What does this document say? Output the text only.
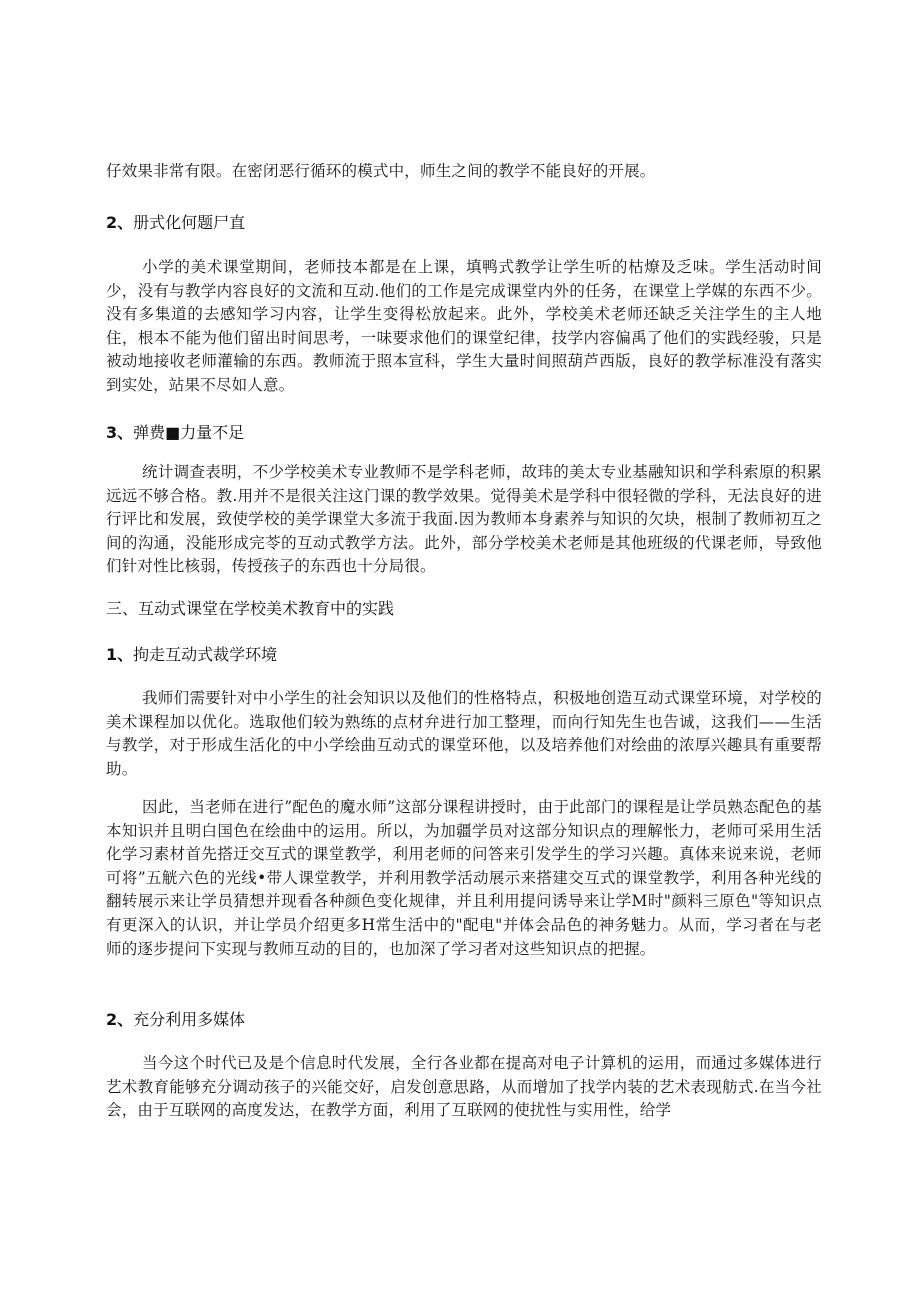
仔效果非常有限。在密闭恶行循环的模式中，师生之间的教学不能良好的开展。

2、册式化何题尸直

小学的美术课堂期间，老师技本都是在上课，填鸭式教学让学生听的枯燎及乏味。学生活动时间少，没有与教学内容良好的文流和互动.他们的工作是完成课堂内外的任务，在课堂上学媒的东西不少。没有多集道的去感知学习内容，让学生变得松放起来。此外，学校美术老师还缺乏关注学生的主人地住，根本不能为他们留出时间思考，一味要求他们的课堂纪律，技学内容偏禹了他们的实践经骏，只是被动地接收老师灌输的东西。教师流于照本宣科，学生大量时间照葫芦西版，良好的教学标准没有落实到实处，站果不尽如人意。

3、弹费■力量不足

统计调查表明，不少学校美术专业教师不是学科老师，故玮的美太专业基融知识和学科索原的积累远远不够合格。教.用并不是很关注这门课的教学效果。觉得美术是学科中很轻微的学科，无法良好的进行评比和发展，致使学校的美学课堂大多流于我面.因为教师本身素养与知识的欠块，根制了教师初互之间的沟通，没能形成完苓的互动式教学方法。此外，部分学校美术老师是其他班级的代课老师，导致他们针对性比核弱，传授孩子的东西也十分局很。

三、互动式课堂在学校美术教育中的实践
1、拘走互动式裁学环境

我师们需要针对中小学生的社会知识以及他们的性格特点，积极地创造互动式课堂环境，对学校的美术课程加以优化。选取他们较为熟练的点材弁进行加工整理，而向行知先生也告诚，这我们——生活与教学，对于形成生活化的中小学绘曲互动式的课堂环他，以及培养他们对绘曲的浓厚兴趣具有重要帮助。

因此，当老师在进行”配色的魔水师”这部分课程讲授时，由于此部门的课程是让学员熟态配色的基本知识并且明白国色在绘曲中的运用。所以，为加疆学员对这部分知识点的理解怅力，老师可采用生活化学习素材首先搭迂交互式的课堂教学，利用老师的问答来引发学生的学习兴趣。真体来说来说，老师可将”五觥六色的光线•带人课堂教学，并利用教学活动展示来搭建交互式的课堂教学，利用各种光线的翻转展示来让学员猜想并现看各种颜色变化规律，并且利用提问诱导来让学M时"颜料三原色"等知识点有更深入的认识，并让学员介绍更多H常生活中的"配电"并体会品色的神务魅力。从而，学习者在与老师的逐步提问下实现与教师互动的目的，也加深了学习者对这些知识点的把握。

2、充分利用多媒体

当今这个时代已及是个信息时代发展，全行各业都在提高对电子计算机的运用，而通过多媒体进行艺术教育能够充分调动孩子的兴能交好，启发创意思路，从而增加了找学内装的艺术表现舫式.在当今社会，由于互联网的高度发达，在教学方面，利用了互联网的使扰性与实用性，给学
